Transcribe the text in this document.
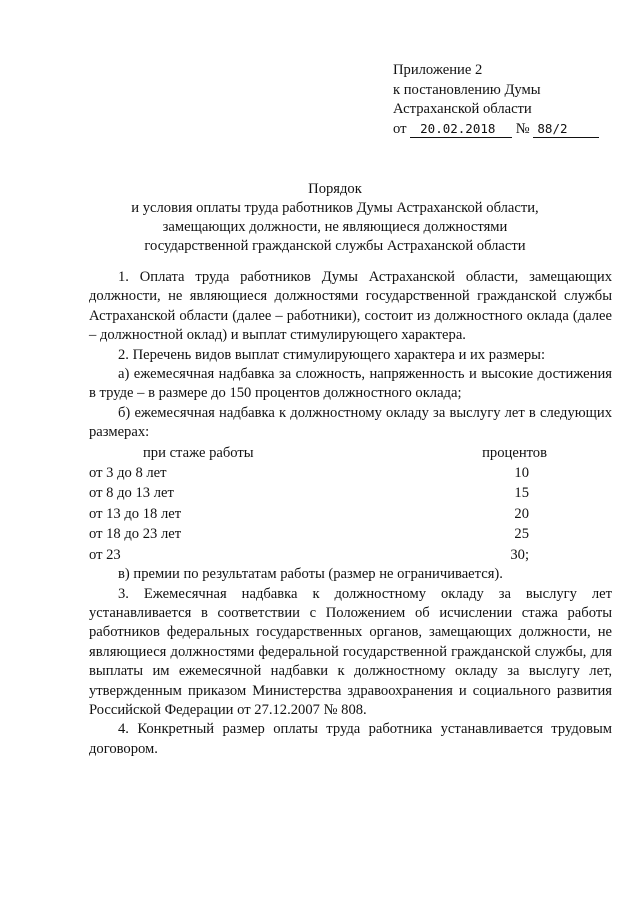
Приложение 2
к постановлению Думы
Астраханской области
от 20.02.2018 № 88/2
Порядок
и условия оплаты труда работников Думы Астраханской области,
замещающих должности, не являющиеся должностями
государственной гражданской службы Астраханской области

1. Оплата труда работников Думы Астраханской области, замещающих должности, не являющиеся должностями государственной гражданской службы Астраханской области (далее – работники), состоит из должностного оклада (далее – должностной оклад) и выплат стимулирующего характера.

2. Перечень видов выплат стимулирующего характера и их размеры:

а) ежемесячная надбавка за сложность, напряженность и высокие достижения в труде – в размере до 150 процентов должностного оклада;

б) ежемесячная надбавка к должностному окладу за выслугу лет в следующих размерах:

при стаже работы	процентов
от 3 до 8 лет	10
от 8 до 13 лет	15
от 13 до 18 лет	20
от 18 до 23 лет	25
от 23	30;

в) премии по результатам работы (размер не ограничивается).

3. Ежемесячная надбавка к должностному окладу за выслугу лет устанавливается в соответствии с Положением об исчислении стажа работы работников федеральных государственных органов, замещающих должности, не являющиеся должностями федеральной государственной гражданской службы, для выплаты им ежемесячной надбавки к должностному окладу за выслугу лет, утвержденным приказом Министерства здравоохранения и социального развития Российской Федерации от 27.12.2007 № 808.

4. Конкретный размер оплаты труда работника устанавливается трудовым договором.
